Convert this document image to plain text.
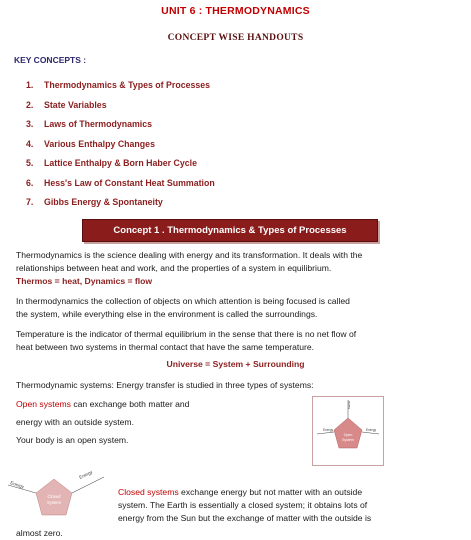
UNIT 6 : THERMODYNAMICS
CONCEPT WISE HANDOUTS
KEY CONCEPTS :
1. Thermodynamics & Types of Processes
2. State Variables
3. Laws of Thermodynamics
4. Various Enthalpy Changes
5. Lattice Enthalpy & Born Haber Cycle
6. Hess's Law of Constant Heat Summation
7. Gibbs Energy & Spontaneity
Concept 1 . Thermodynamics & Types of Processes
Thermodynamics is the science dealing with energy and its transformation. It deals with the
relationships between heat and work, and the properties of a system in equilibrium.
Thermos = heat, Dynamics = flow
In thermodynamics the collection of objects on which attention is being focused is called
the system, while everything else in the environment is called the surroundings.
Temperature is the indicator of thermal equilibrium in the sense that there is no net flow of
heat between two systems in thermal contact that have the same temperature.
Universe = System + Surrounding
Thermodynamic systems: Energy transfer is studied in three types of systems:
Open systems can exchange both matter and
energy with an outside system.
Your body is an open system.	Open
System
Energy	Energy
Matter
Energy
Energy
Closed
System
Closed systems exchange energy but not matter with an outside
system. The Earth is essentially a closed system; it obtains lots of
energy from the Sun but the exchange of matter with the outside is
almost zero.
